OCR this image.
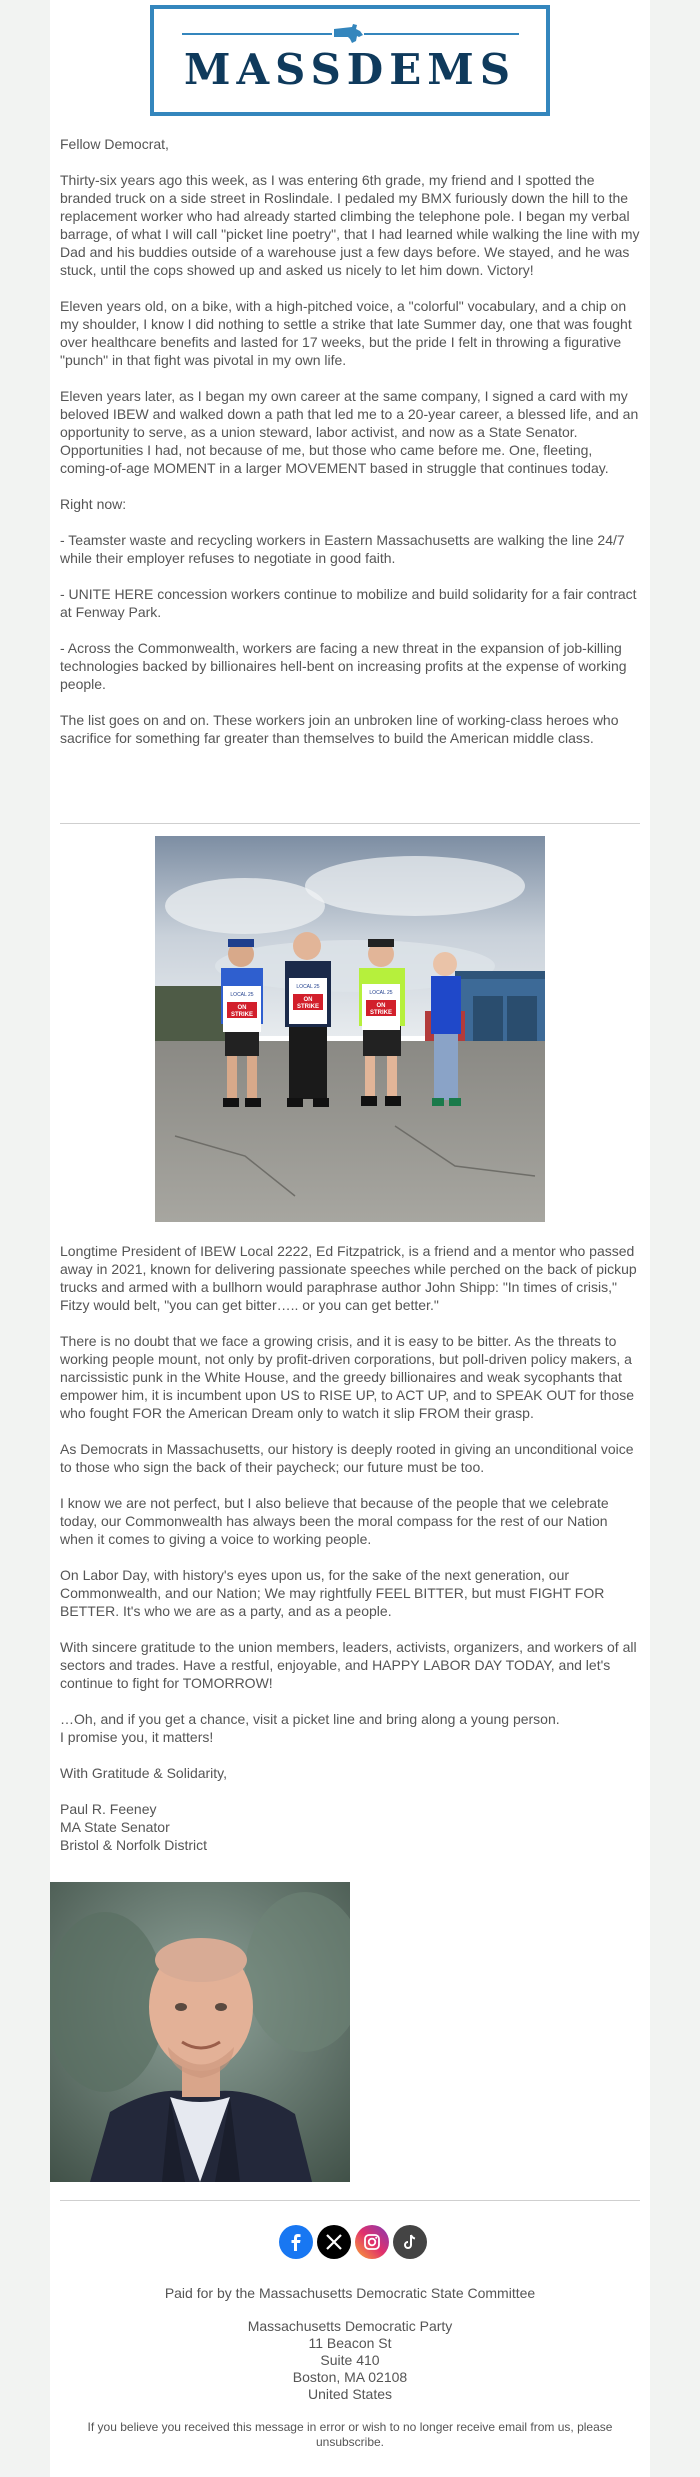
MASSDEMS

Fellow Democrat,

Thirty-six years ago this week, as I was entering 6th grade, my friend and I spotted the branded truck on a side street in Roslindale. I pedaled my BMX furiously down the hill to the replacement worker who had already started climbing the telephone pole. I began my verbal barrage, of what I will call "picket line poetry", that I had learned while walking the line with my Dad and his buddies outside of a warehouse just a few days before. We stayed, and he was stuck, until the cops showed up and asked us nicely to let him down. Victory!

Eleven years old, on a bike, with a high-pitched voice, a "colorful" vocabulary, and a chip on my shoulder, I know I did nothing to settle a strike that late Summer day, one that was fought over healthcare benefits and lasted for 17 weeks, but the pride I felt in throwing a figurative "punch" in that fight was pivotal in my own life.

Eleven years later, as I began my own career at the same company, I signed a card with my beloved IBEW and walked down a path that led me to a 20-year career, a blessed life, and an opportunity to serve, as a union steward, labor activist, and now as a State Senator. Opportunities I had, not because of me, but those who came before me. One, fleeting, coming-of-age MOMENT in a larger MOVEMENT based in struggle that continues today.

Right now:

- Teamster waste and recycling workers in Eastern Massachusetts are walking the line 24/7 while their employer refuses to negotiate in good faith.

- UNITE HERE concession workers continue to mobilize and build solidarity for a fair contract at Fenway Park.

- Across the Commonwealth, workers are facing a new threat in the expansion of job-killing technologies backed by billionaires hell-bent on increasing profits at the expense of working people.

The list goes on and on. These workers join an unbroken line of working-class heroes who sacrifice for something far greater than themselves to build the American middle class.

LOCAL 25
ON
STRIKE
LOCAL 25
ON
STRIKE
LOCAL 25
ON
STRIKE

Longtime President of IBEW Local 2222, Ed Fitzpatrick, is a friend and a mentor who passed away in 2021, known for delivering passionate speeches while perched on the back of pickup trucks and armed with a bullhorn would paraphrase author John Shipp: "In times of crisis," Fitzy would belt, "you can get bitter….. or you can get better."

There is no doubt that we face a growing crisis, and it is easy to be bitter. As the threats to working people mount, not only by profit-driven corporations, but poll-driven policy makers, a narcissistic punk in the White House, and the greedy billionaires and weak sycophants that empower him, it is incumbent upon US to RISE UP, to ACT UP, and to SPEAK OUT for those who fought FOR the American Dream only to watch it slip FROM their grasp.

As Democrats in Massachusetts, our history is deeply rooted in giving an unconditional voice to those who sign the back of their paycheck; our future must be too.

I know we are not perfect, but I also believe that because of the people that we celebrate today, our Commonwealth has always been the moral compass for the rest of our Nation when it comes to giving a voice to working people.

On Labor Day, with history's eyes upon us, for the sake of the next generation, our Commonwealth, and our Nation; We may rightfully FEEL BITTER, but must FIGHT FOR BETTER. It's who we are as a party, and as a people.

With sincere gratitude to the union members, leaders, activists, organizers, and workers of all sectors and trades. Have a restful, enjoyable, and HAPPY LABOR DAY TODAY, and let's continue to fight for TOMORROW!

…Oh, and if you get a chance, visit a picket line and bring along a young person.
I promise you, it matters!

With Gratitude & Solidarity,

Paul R. Feeney
MA State Senator
Bristol & Norfolk District

Paid for by the Massachusetts Democratic State Committee
Massachusetts Democratic Party
11 Beacon St
Suite 410
Boston, MA 02108
United States
If you believe you received this message in error or wish to no longer receive email from us, please unsubscribe.
